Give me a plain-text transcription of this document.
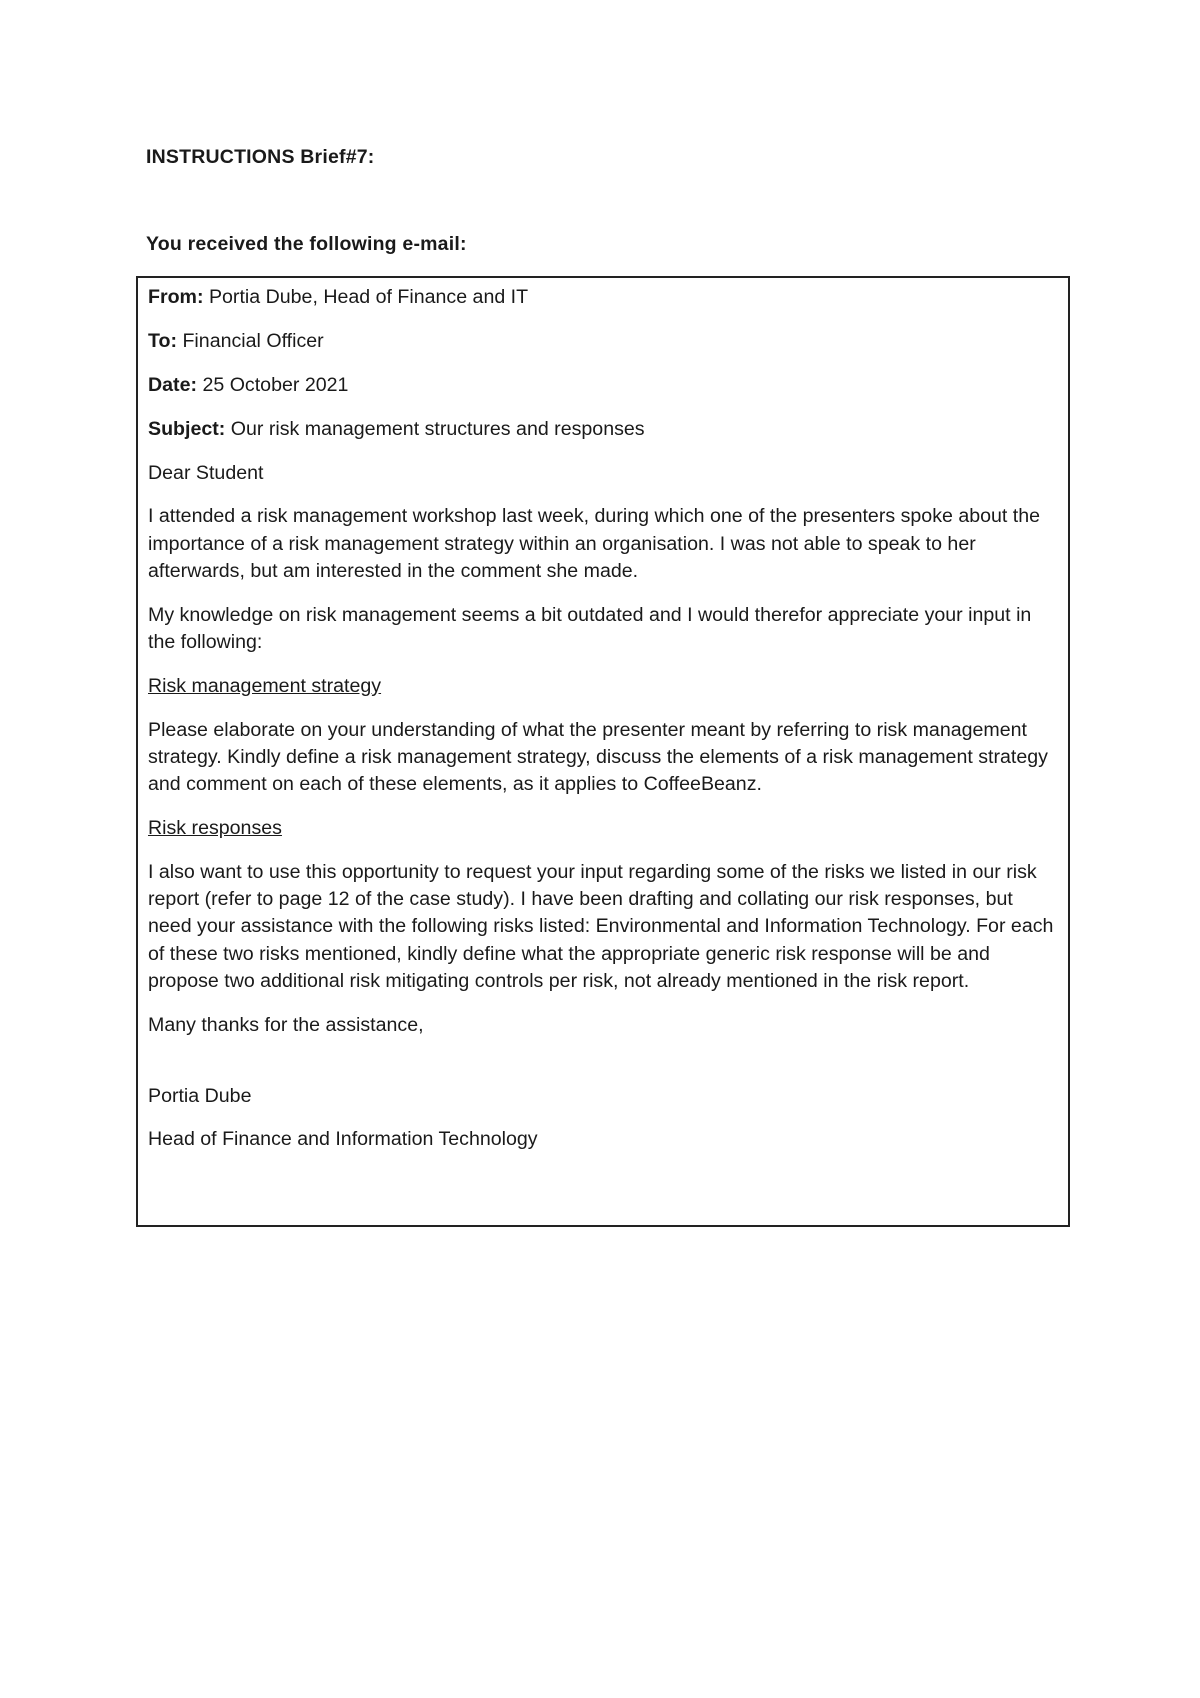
INSTRUCTIONS Brief#7:
You received the following e-mail:

From: Portia Dube, Head of Finance and IT

To: Financial Officer

Date: 25 October 2021

Subject: Our risk management structures and responses

Dear Student

I attended a risk management workshop last week, during which one of the presenters spoke about the importance of a risk management strategy within an organisation. I was not able to speak to her afterwards, but am interested in the comment she made.

My knowledge on risk management seems a bit outdated and I would therefor appreciate your input in the following:

Risk management strategy

Please elaborate on your understanding of what the presenter meant by referring to risk management strategy. Kindly define a risk management strategy, discuss the elements of a risk management strategy and comment on each of these elements, as it applies to CoffeeBeanz.

Risk responses

I also want to use this opportunity to request your input regarding some of the risks we listed in our risk report (refer to page 12 of the case study). I have been drafting and collating our risk responses, but need your assistance with the following risks listed: Environmental and Information Technology. For each of these two risks mentioned, kindly define what the appropriate generic risk response will be and propose two additional risk mitigating controls per risk, not already mentioned in the risk report.

Many thanks for the assistance,

Portia Dube

Head of Finance and Information Technology
